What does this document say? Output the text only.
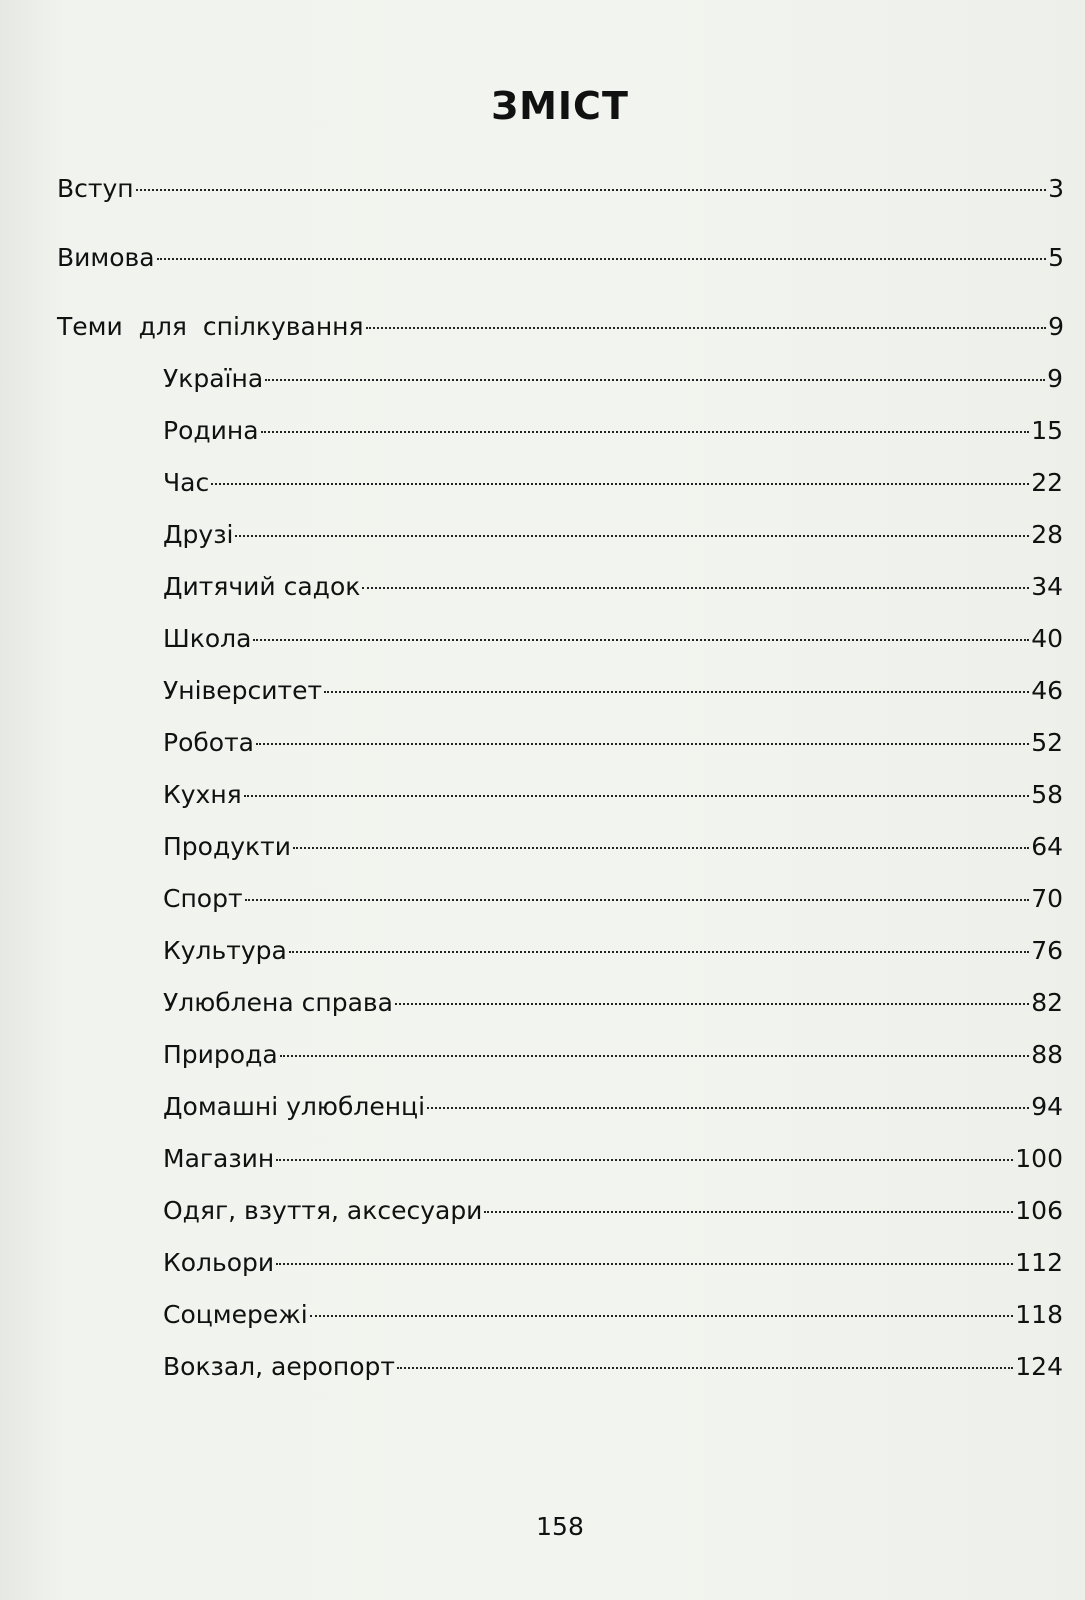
ЗМІСТ
Вступ	3
Вимова	5
Теми  для  спілкування	9
Україна	9
Родина	15
Час	22
Друзі	28
Дитячий садок	34
Школа	40
Університет	46
Робота	52
Кухня	58
Продукти	64
Спорт	70
Культура	76
Улюблена справа	82
Природа	88
Домашні улюбленці	94
Магазин	100
Одяг, взуття, аксесуари	106
Кольори	112
Соцмережі	118
Вокзал, аеропорт	124
158
